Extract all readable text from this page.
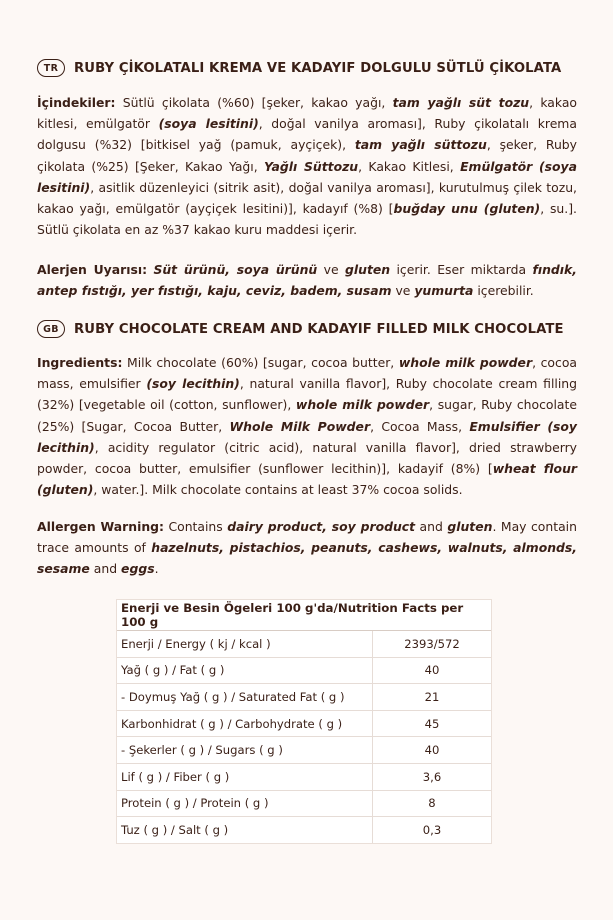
TR	RUBY ÇİKOLATALI KREMA VE KADAYIF DOLGULU SÜTLÜ ÇİKOLATA
İçindekiler: Sütlü çikolata (%60) [şeker, kakao yağı, tam yağlı süt tozu, kakao kitlesi, emülgatör (soya lesitini), doğal vanilya aroması], Ruby çikolatalı krema dolgusu (%32) [bitkisel yağ (pamuk, ayçiçek), tam yağlı süttozu, şeker, Ruby çikolata (%25) [Şeker, Kakao Yağı, Yağlı Süttozu, Kakao Kitlesi, Emülgatör (soya lesitini), asitlik düzenleyici (sitrik asit), doğal vanilya aroması], kurutulmuş çilek tozu, kakao yağı, emülgatör (ayçiçek lesitini)], kadayıf (%8) [buğday unu (gluten), su.]. Sütlü çikolata en az %37 kakao kuru maddesi içerir.
Alerjen Uyarısı: Süt ürünü, soya ürünü ve gluten içerir. Eser miktarda fındık, antep fıstığı, yer fıstığı, kaju, ceviz, badem, susam ve yumurta içerebilir.
GB	RUBY CHOCOLATE CREAM AND KADAYIF FILLED MILK CHOCOLATE
Ingredients: Milk chocolate (60%) [sugar, cocoa butter, whole milk powder, cocoa mass, emulsifier (soy lecithin), natural vanilla flavor], Ruby chocolate cream filling (32%) [vegetable oil (cotton, sunflower), whole milk powder, sugar, Ruby chocolate (25%) [Sugar, Cocoa Butter, Whole Milk Powder, Cocoa Mass, Emulsifier (soy lecithin), acidity regulator (citric acid), natural vanilla flavor], dried strawberry powder, cocoa butter, emulsifier (sunflower lecithin)], kadayif (8%) [wheat flour (gluten), water.]. Milk chocolate contains at least 37% cocoa solids.
Allergen Warning: Contains dairy product, soy product and gluten. May contain trace amounts of hazelnuts, pistachios, peanuts, cashews, walnuts, almonds, sesame and eggs.
Enerji ve Besin Ögeleri 100 g'da/Nutrition Facts per 100 g	
Enerji / Energy ( kj / kcal )	2393/572
Yağ ( g ) / Fat ( g )	40
- Doymuş Yağ ( g ) / Saturated Fat ( g )	21
Karbonhidrat ( g ) / Carbohydrate ( g )	45
- Şekerler ( g ) / Sugars ( g )	40
Lif ( g ) / Fiber ( g )	3,6
Protein ( g ) / Protein ( g )	8
Tuz ( g ) / Salt ( g )	0,3
